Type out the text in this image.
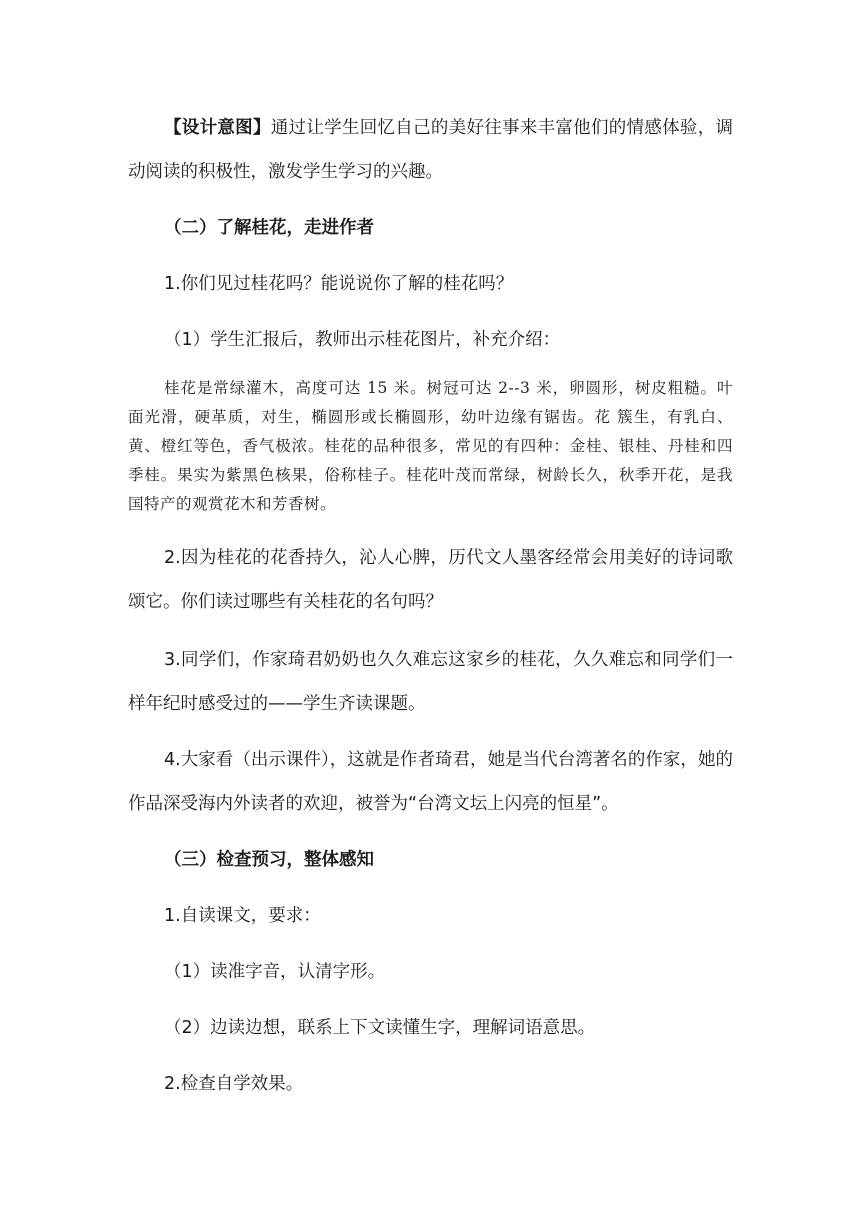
【设计意图】通过让学生回忆自己的美好往事来丰富他们的情感体验，调动阅读的积极性，激发学生学习的兴趣。

（二）了解桂花，走进作者

1.你们见过桂花吗？能说说你了解的桂花吗？

（1）学生汇报后，教师出示桂花图片，补充介绍：

桂花是常绿灌木，高度可达 15 米。树冠可达 2--3 米，卵圆形，树皮粗糙。叶面光滑，硬革质，对生，椭圆形或长椭圆形，幼叶边缘有锯齿。花 簇生，有乳白、黄、橙红等色，香气极浓。桂花的品种很多，常见的有四种：金桂、银桂、丹桂和四季桂。果实为紫黑色核果，俗称桂子。桂花叶茂而常绿，树龄长久，秋季开花，是我国特产的观赏花木和芳香树。

2.因为桂花的花香持久，沁人心脾，历代文人墨客经常会用美好的诗词歌颂它。你们读过哪些有关桂花的名句吗？

3.同学们，作家琦君奶奶也久久难忘这家乡的桂花，久久难忘和同学们一样年纪时感受过的——学生齐读课题。

4.大家看（出示课件），这就是作者琦君，她是当代台湾著名的作家，她的作品深受海内外读者的欢迎，被誉为“台湾文坛上闪亮的恒星”。

（三）检查预习，整体感知

1.自读课文，要求：

（1）读准字音，认清字形。

（2）边读边想，联系上下文读懂生字，理解词语意思。

2.检查自学效果。
